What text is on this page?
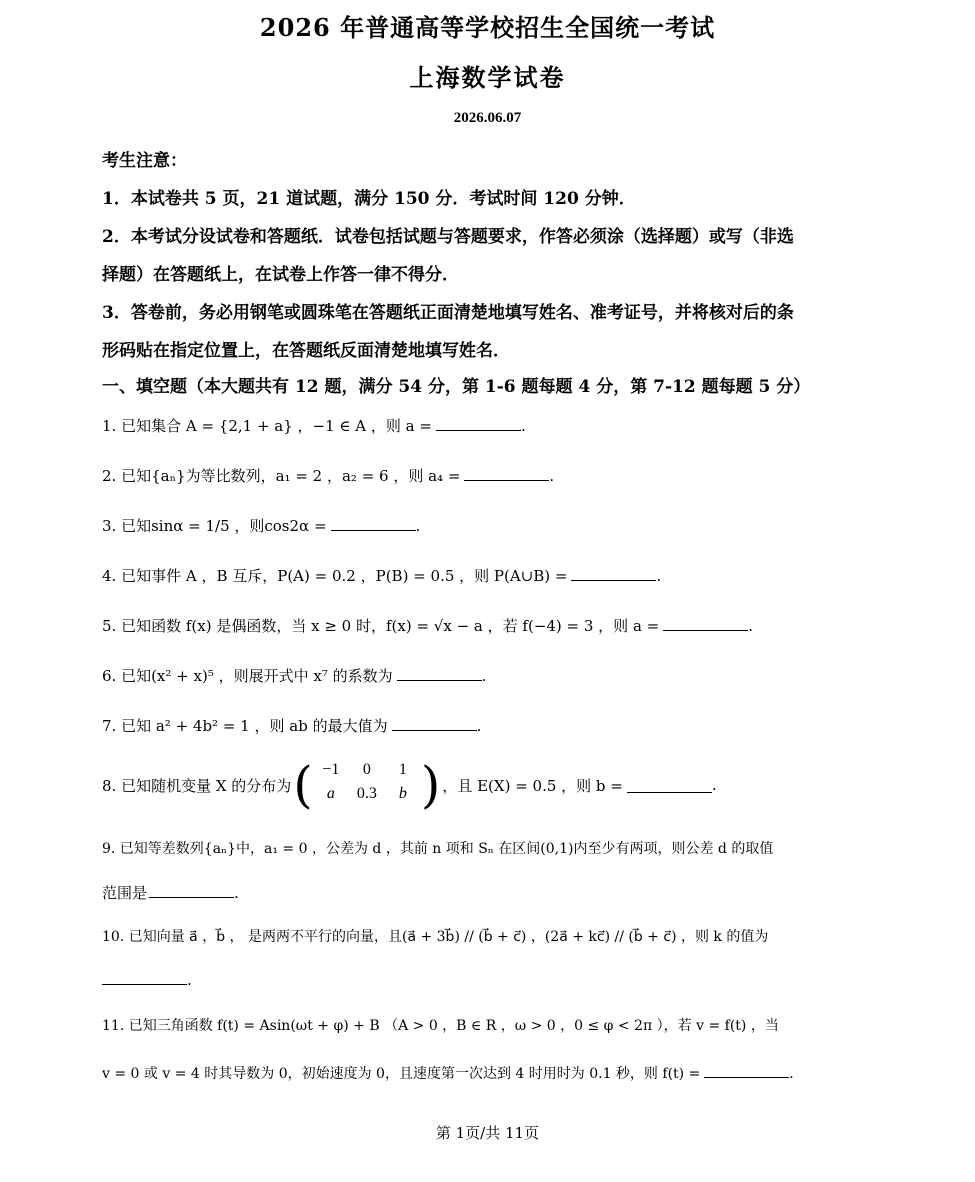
2026 年普通高等学校招生全国统一考试
上海数学试卷
2026.06.07
考生注意：
1．本试卷共 5 页，21 道试题，满分 150 分．考试时间 120 分钟．
2．本考试分设试卷和答题纸．试卷包括试题与答题要求，作答必须涂（选择题）或写（非选
择题）在答题纸上，在试卷上作答一律不得分．
3．答卷前，务必用钢笔或圆珠笔在答题纸正面清楚地填写姓名、准考证号，并将核对后的条
形码贴在指定位置上，在答题纸反面清楚地填写姓名．
一、填空题（本大题共有 12 题，满分 54 分，第 1-6 题每题 4 分，第 7-12 题每题 5 分）
1. 已知集合 A = {2,1 + a} ，−1 ∈ A ，则 a =	.
2. 已知{aₙ}为等比数列，a₁ = 2 ，a₂ = 6 ，则 a₄ =	.
3. 已知sinα = 1/5 ，则cos2α =	.
4. 已知事件 A ，B 互斥，P(A) = 0.2 ，P(B) = 0.5 ，则 P(A∪B) =	.
5. 已知函数 f(x) 是偶函数，当 x ≥ 0 时，f(x) = √x − a ，若 f(−4) = 3 ，则 a =	.
6. 已知(x² + x)⁵ ，则展开式中 x⁷ 的系数为	.
7. 已知 a² + 4b² = 1 ，则 ab 的最大值为	.
8. 已知随机变量 X 的分布为 ( −1	0	1
a	0.3	b ) ，且 E(X) = 0.5 ，则 b =	.
9. 已知等差数列{aₙ}中，a₁ = 0 ，公差为 d ，其前 n 项和 Sₙ 在区间(0,1)内至少有两项，则公差 d 的取值
范围是	.
10. 已知向量 a⃗ ，b⃗ ， 是两两不平行的向量，且(a⃗ + 3b⃗) // (b⃗ + c⃗) ，(2a⃗ + kc⃗) // (b⃗ + c⃗) ，则 k 的值为
.
11. 已知三角函数 f(t) = Asin(ωt + φ) + B （A > 0 ，B ∈ R ，ω > 0 ，0 ≤ φ < 2π ），若 v = f(t) ，当
v = 0 或 v = 4 时其导数为 0，初始速度为 0，且速度第一次达到 4 时用时为 0.1 秒，则 f(t) =	.
第 1页/共 11页
